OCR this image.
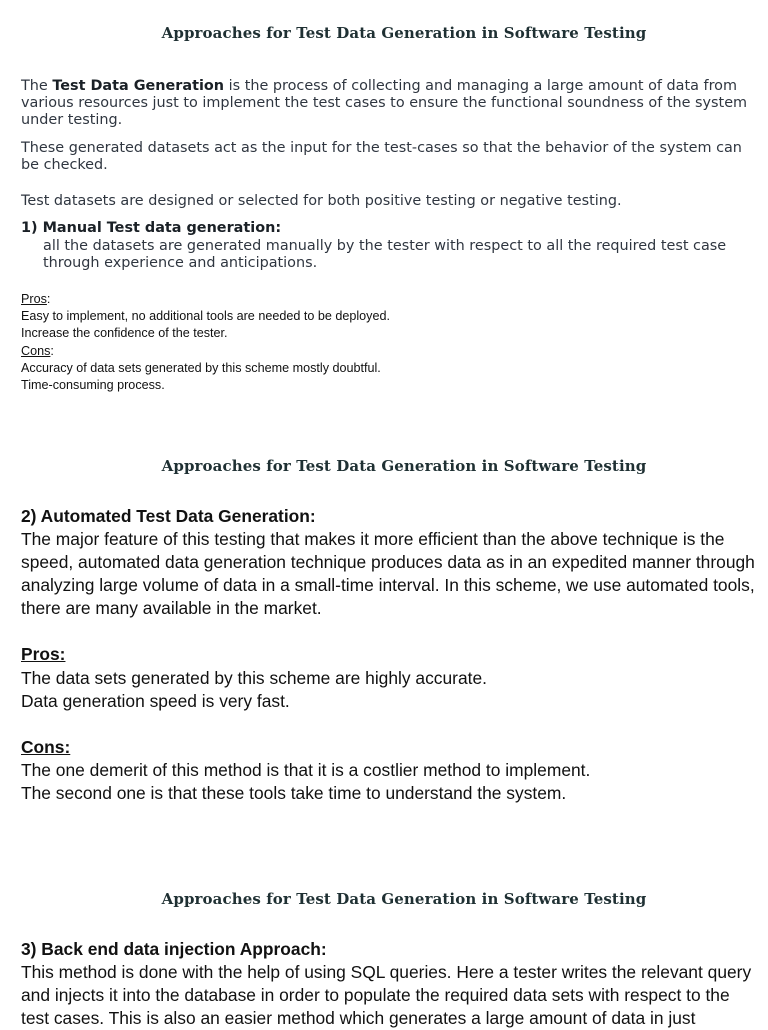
Approaches for Test Data Generation in Software Testing

The Test Data Generation is the process of collecting and managing a large amount of data from various resources just to implement the test cases to ensure the functional soundness of the system under testing.

These generated datasets act as the input for the test-cases so that the behavior of the system can be checked.

Test datasets are designed or selected for both positive testing or negative testing.

1) Manual Test data generation:
all the datasets are generated manually by the tester with respect to all the required test case through experience and anticipations.
Pros:
Easy to implement, no additional tools are needed to be deployed.
Increase the confidence of the tester.
Cons:
Accuracy of data sets generated by this scheme mostly doubtful.
Time-consuming process.
Approaches for Test Data Generation in Software Testing
2) Automated Test Data Generation:
The major feature of this testing that makes it more efficient than the above technique is the speed, automated data generation technique produces data as in an expedited manner through analyzing large volume of data in a small-time interval. In this scheme, we use automated tools, there are many available in the market.
Pros:
The data sets generated by this scheme are highly accurate.
Data generation speed is very fast.
Cons:
The one demerit of this method is that it is a costlier method to implement.
The second one is that these tools take time to understand the system.
Approaches for Test Data Generation in Software Testing
3) Back end data injection Approach:
This method is done with the help of using SQL queries. Here a tester writes the relevant query and injects it into the database in order to populate the required data sets with respect to the test cases. This is also an easier method which generates a large amount of data in just
